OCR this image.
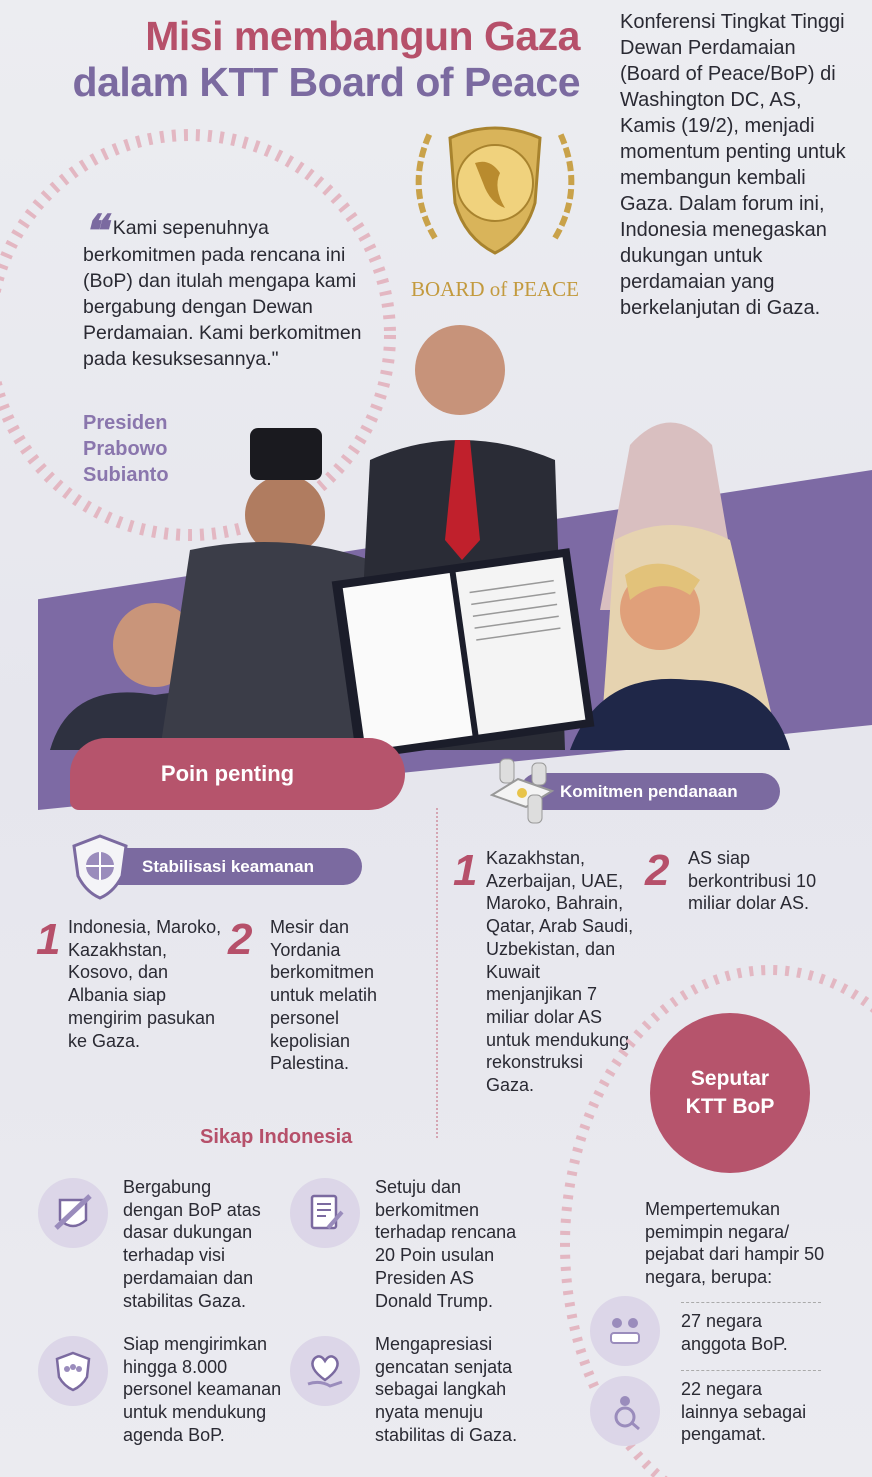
Misi membangun Gaza
dalam KTT Board of Peace
Konferensi Tingkat Tinggi Dewan Perdamaian (Board of Peace/BoP) di Washington DC, AS, Kamis (19/2), menjadi momentum penting untuk membangun kembali Gaza. Dalam forum ini, Indonesia menegaskan dukungan untuk perdamaian yang berkelanjutan di Gaza.
BOARD of PEACE
❝ Kami sepenuhnya berkomitmen pada rencana ini (BoP) dan itulah mengapa kami bergabung dengan Dewan Perdamaian. Kami berkomitmen pada kesuksesannya."
Presiden Prabowo Subianto
Poin penting
Stabilisasi keamanan
1 Indonesia, Maroko, Kazakhstan, Kosovo, dan Albania siap mengirim pasukan ke Gaza.
2 Mesir dan Yordania berkomitmen untuk melatih personel kepolisian Palestina.
Komitmen pendanaan
1 Kazakhstan, Azerbaijan, UAE, Maroko, Bahrain, Qatar, Arab Saudi, Uzbekistan, dan Kuwait menjanjikan 7 miliar dolar AS untuk mendukung rekonstruksi Gaza.
2 AS siap berkontribusi 10 miliar dolar AS.
Seputar KTT BoP
Mempertemukan pemimpin negara/ pejabat dari hampir 50 negara, berupa:
27 negara anggota BoP.
22 negara lainnya sebagai pengamat.
Sikap Indonesia
Bergabung dengan BoP atas dasar dukungan terhadap visi perdamaian dan stabilitas Gaza.
Setuju dan berkomitmen terhadap rencana 20 Poin usulan Presiden AS Donald Trump.
Siap mengirimkan hingga 8.000 personel keamanan untuk mendukung agenda BoP.
Mengapresiasi gencatan senjata sebagai langkah nyata menuju stabilitas di Gaza.
